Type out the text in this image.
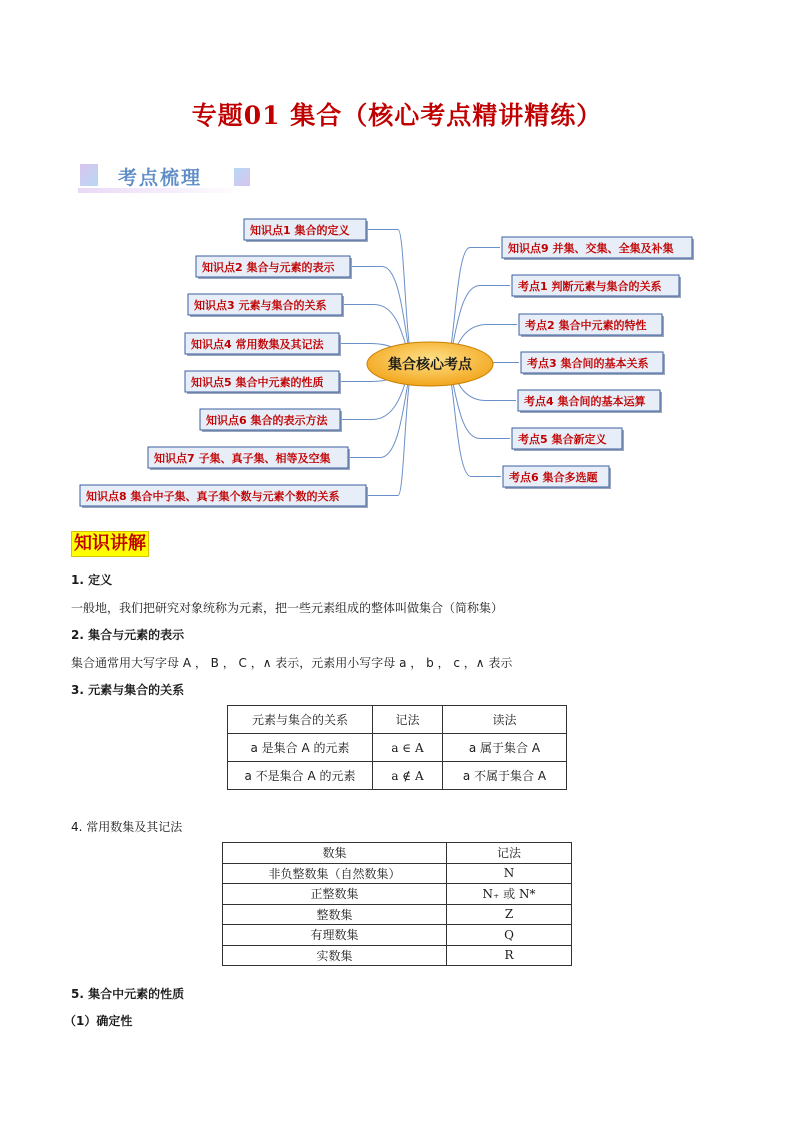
专题01 集合（核心考点精讲精练）
考点梳理
知识点1 集合的定义
知识点2 集合与元素的表示
知识点3 元素与集合的关系
知识点4 常用数集及其记法
知识点5 集合中元素的性质
知识点6 集合的表示方法
知识点7 子集、真子集、相等及空集
知识点8 集合中子集、真子集个数与元素个数的关系
知识点9 并集、交集、全集及补集
考点1 判断元素与集合的关系
考点2 集合中元素的特性
考点3 集合间的基本关系
考点4 集合间的基本运算
考点5 集合新定义
考点6 集合多选题
集合核心考点
知识讲解
1. 定义
一般地，我们把研究对象统称为元素，把一些元素组成的整体叫做集合（简称集）
2. 集合与元素的表示
集合通常用大写字母 A ， B ， C ，∧ 表示，元素用小写字母 a ， b ， c ，∧ 表示
3. 元素与集合的关系
元素与集合的关系	记法	读法
a 是集合 A 的元素	a ∈ A	a 属于集合 A
a 不是集合 A 的元素	a ∉ A	a 不属于集合 A
4. 常用数集及其记法
数集	记法
非负整数集（自然数集）	N
正整数集	N₊ 或 N*
整数集	Z
有理数集	Q
实数集	R
5. 集合中元素的性质
（1）确定性
